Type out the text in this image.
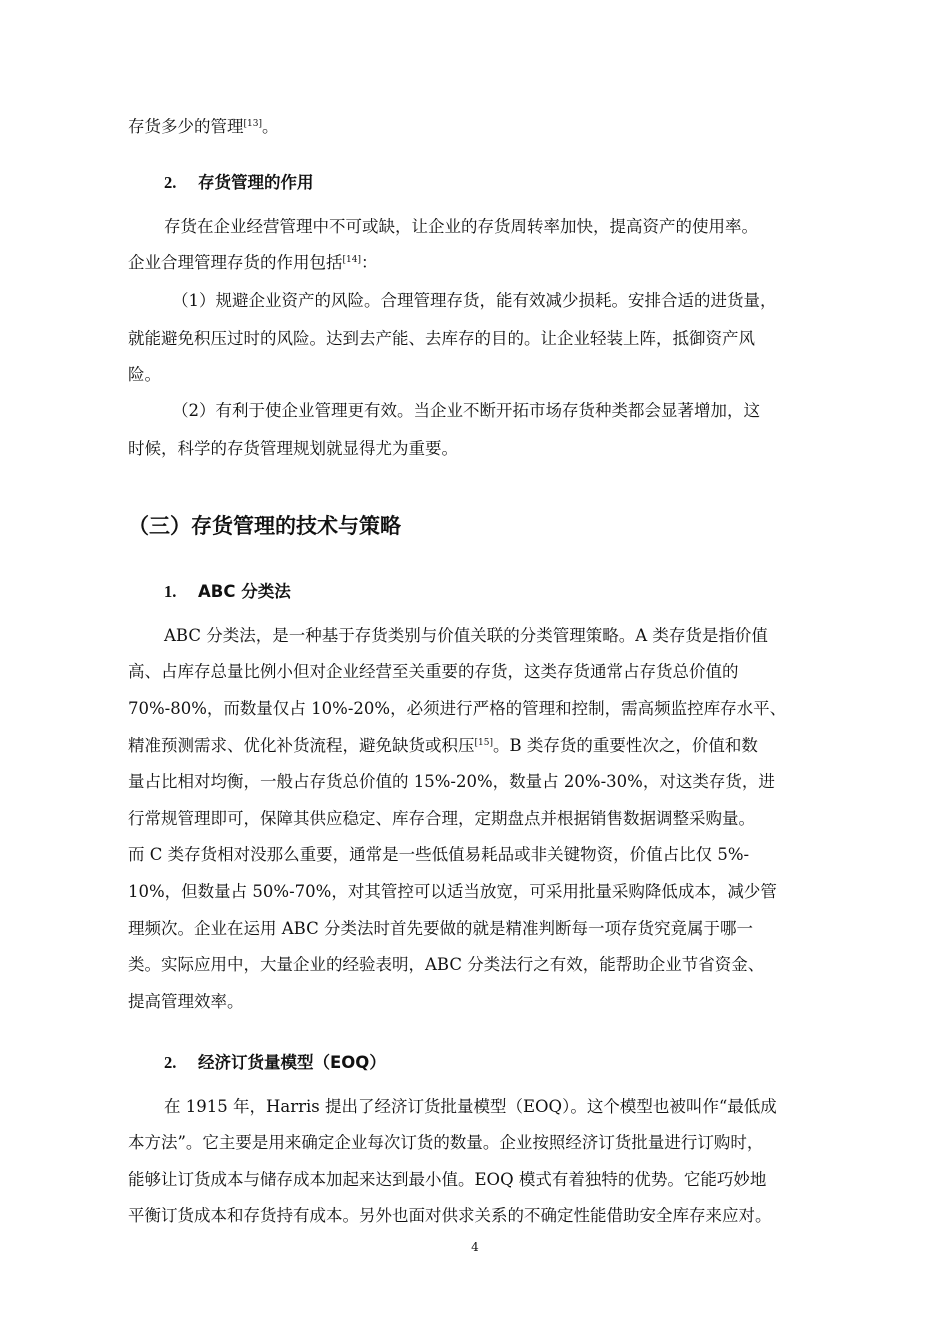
存货多少的管理[13]。
2. 存货管理的作用
存货在企业经营管理中不可或缺，让企业的存货周转率加快，提高资产的使用率。
企业合理管理存货的作用包括[14]：
（1）规避企业资产的风险。合理管理存货，能有效减少损耗。安排合适的进货量，
就能避免积压过时的风险。达到去产能、去库存的目的。让企业轻装上阵，抵御资产风
险。
（2）有利于使企业管理更有效。当企业不断开拓市场存货种类都会显著增加，这
时候，科学的存货管理规划就显得尤为重要。
（三）存货管理的技术与策略
1. ABC 分类法
ABC 分类法，是一种基于存货类别与价值关联的分类管理策略。A 类存货是指价值
高、占库存总量比例小但对企业经营至关重要的存货，这类存货通常占存货总价值的
70%-80%，而数量仅占 10%-20%，必须进行严格的管理和控制，需高频监控库存水平、
精准预测需求、优化补货流程，避免缺货或积压[15]。B 类存货的重要性次之，价值和数
量占比相对均衡，一般占存货总价值的 15%-20%，数量占 20%-30%，对这类存货，进
行常规管理即可，保障其供应稳定、库存合理，定期盘点并根据销售数据调整采购量。
而 C 类存货相对没那么重要，通常是一些低值易耗品或非关键物资，价值占比仅 5%-
10%，但数量占 50%-70%，对其管控可以适当放宽，可采用批量采购降低成本，减少管
理频次。企业在运用 ABC 分类法时首先要做的就是精准判断每一项存货究竟属于哪一
类。实际应用中，大量企业的经验表明，ABC 分类法行之有效，能帮助企业节省资金、
提高管理效率。
2. 经济订货量模型（EOQ）
在 1915 年，Harris 提出了经济订货批量模型（EOQ）。这个模型也被叫作“最低成
本方法”。它主要是用来确定企业每次订货的数量。企业按照经济订货批量进行订购时，
能够让订货成本与储存成本加起来达到最小值。EOQ 模式有着独特的优势。它能巧妙地
平衡订货成本和存货持有成本。另外也面对供求关系的不确定性能借助安全库存来应对。
4
